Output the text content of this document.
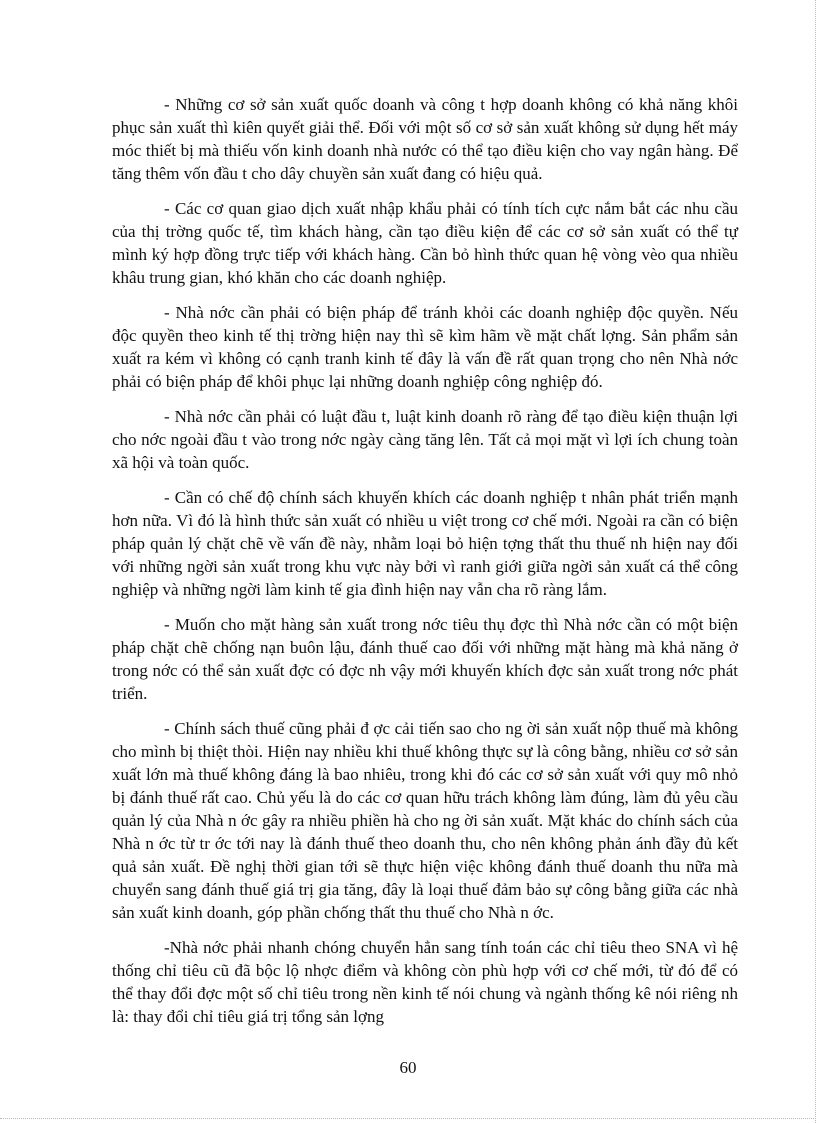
- Những cơ sở sản xuất quốc doanh và công t hợp doanh không có khả năng khôi phục sản xuất thì kiên quyết giải thể. Đối với một số cơ sở sản xuất không sử dụng hết máy móc thiết bị mà thiếu vốn kinh doanh nhà nước có thể tạo điều kiện cho vay ngân hàng. Để tăng thêm vốn đầu t cho dây chuyền sản xuất đang có hiệu quả.

- Các cơ quan giao dịch xuất nhập khẩu phải có tính tích cực nắm bắt các nhu cầu của thị trờng quốc tế, tìm khách hàng, cần tạo điều kiện để các cơ sở sản xuất có thể tự mình ký hợp đồng trực tiếp với khách hàng. Cần bỏ hình thức quan hệ vòng vèo qua nhiều khâu trung gian, khó khăn cho các doanh nghiệp.

- Nhà nớc cần phải có biện pháp để tránh khỏi các doanh nghiệp độc quyền. Nếu độc quyền theo kinh tế thị trờng hiện nay thì sẽ kìm hãm về mặt chất lợng. Sản phẩm sản xuất ra kém vì không có cạnh tranh kinh tế đây là vấn đề rất quan trọng cho nên Nhà nớc phải có biện pháp để khôi phục lại những doanh nghiệp công nghiệp đó.

- Nhà nớc cần phải có luật đầu t, luật kinh doanh rõ ràng để tạo điều kiện thuận lợi cho nớc ngoài đầu t vào trong nớc ngày càng tăng lên. Tất cả mọi mặt vì lợi ích chung toàn xã hội và toàn quốc.

- Cần có chế độ chính sách khuyến khích các doanh nghiệp t nhân phát triển mạnh hơn nữa. Vì đó là hình thức sản xuất có nhiều u việt trong cơ chế mới. Ngoài ra cần có biện pháp quản lý chặt chẽ về vấn đề này, nhằm loại bỏ hiện tợng thất thu thuế nh hiện nay đối với những ngời sản xuất trong khu vực này bởi vì ranh giới giữa ngời sản xuất cá thể công nghiệp và những ngời làm kinh tế gia đình hiện nay vẫn cha rõ ràng lắm.

- Muốn cho mặt hàng sản xuất trong nớc tiêu thụ đợc thì Nhà nớc cần có một biện pháp chặt chẽ chống nạn buôn lậu, đánh thuế cao đối với những mặt hàng mà khả năng ở trong nớc có thể sản xuất đợc có đợc nh vậy mới khuyến khích đợc sản xuất trong nớc phát triển.

- Chính sách thuế cũng phải đ ợc cải tiến sao cho ng ời sản xuất nộp thuế mà không cho mình bị thiệt thòi. Hiện nay nhiều khi thuế không thực sự là công bằng, nhiều cơ sở sản xuất lớn mà thuế không đáng là bao nhiêu, trong khi đó các cơ sở sản xuất với quy mô nhỏ bị đánh thuế rất cao. Chủ yếu là do các cơ quan hữu trách không làm đúng, làm đủ yêu cầu quản lý của Nhà n ớc gây ra nhiều phiền hà cho ng ời sản xuất. Mặt khác do chính sách của Nhà n ớc từ tr ớc tới nay là đánh thuế theo doanh thu, cho nên không phản ánh đầy đủ kết quả sản xuất. Đề nghị thời gian tới sẽ thực hiện việc không đánh thuế doanh thu nữa mà chuyển sang đánh thuế giá trị gia tăng, đây là loại thuế đảm bảo sự công bằng giữa các nhà sản xuất kinh doanh, góp phần chống thất thu thuế cho Nhà n ớc.

-Nhà nớc phải nhanh chóng chuyển hẳn sang tính toán các chỉ tiêu theo SNA vì hệ thống chỉ tiêu cũ đã bộc lộ nhợc điểm và không còn phù hợp với cơ chế mới, từ đó để có thể thay đổi đợc một số chỉ tiêu trong nền kinh tế nói chung và ngành thống kê nói riêng nh là: thay đổi chỉ tiêu giá trị tổng sản lợng

60
